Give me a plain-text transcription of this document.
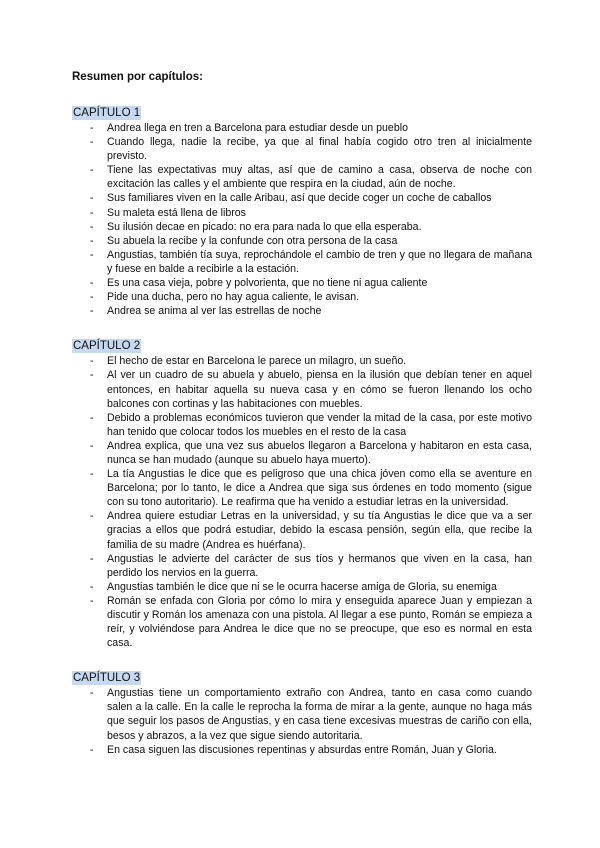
Resumen por capítulos:
CAPÍTULO 1
- Andrea llega en tren a Barcelona para estudiar desde un pueblo
- Cuando llega, nadie la recibe, ya que al final había cogido otro tren al inicialmente previsto.
- Tiene las expectativas muy altas, así que de camino a casa, observa de noche con excitación las calles y el ambiente que respira en la ciudad, aún de noche.
- Sus familiares viven en la calle Aribau, así que decide coger un coche de caballos
- Su maleta está llena de libros
- Su ilusión decae en picado: no era para nada lo que ella esperaba.
- Su abuela la recibe y la confunde con otra persona de la casa
- Angustias, también tía suya, reprochándole el cambio de tren y que no llegara de mañana y fuese en balde a recibirle a la estación.
- Es una casa vieja, pobre y polvorienta, que no tiene ni agua caliente
- Pide una ducha, pero no hay agua caliente, le avisan.
- Andrea se anima al ver las estrellas de noche
CAPÍTULO 2
- El hecho de estar en Barcelona le parece un milagro, un sueño.
- Al ver un cuadro de su abuela y abuelo, piensa en la ilusión que debían tener en aquel entonces, en habitar aquella su nueva casa y en cómo se fueron llenando los ocho balcones con cortinas y las habitaciones con muebles.
- Debido a problemas económicos tuvieron que vender la mitad de la casa, por este motivo han tenido que colocar todos los muebles en el resto de la casa
- Andrea explica, que una vez sus abuelos llegaron a Barcelona y habitaron en esta casa, nunca se han mudado (aunque su abuelo haya muerto).
- La tía Angustias le dice que es peligroso que una chica jóven como ella se aventure en Barcelona; por lo tanto, le dice a Andrea que siga sus órdenes en todo momento (sigue con su tono autoritario). Le reafirma que ha venido a estudiar letras en la universidad.
- Andrea quiere estudiar Letras en la universidad, y su tía Angustias le dice que va a ser gracias a ellos que podrá estudiar, debido la escasa pensión, según ella, que recibe la familia de su madre (Andrea es huérfana).
- Angustias le advierte del carácter de sus tíos y hermanos que viven en la casa, han perdido los nervios en la guerra.
- Angustias también le dice que ni se le ocurra hacerse amiga de Gloria, su enemiga
- Román se enfada con Gloria por cómo lo mira y enseguida aparece Juan y empiezan a discutir y Román los amenaza con una pistola. Al llegar a ese punto, Román se empieza a reír, y volviéndose para Andrea le dice que no se preocupe, que eso es normal en esta casa.
CAPÍTULO 3
- Angustias tiene un comportamiento extraño con Andrea, tanto en casa como cuando salen a la calle. En la calle le reprocha la forma de mirar a la gente, aunque no haga más que seguir los pasos de Angustias, y en casa tiene excesivas muestras de cariño con ella, besos y abrazos, a la vez que sigue siendo autoritaria.
- En casa siguen las discusiones repentinas y absurdas entre Román, Juan y Gloria.
